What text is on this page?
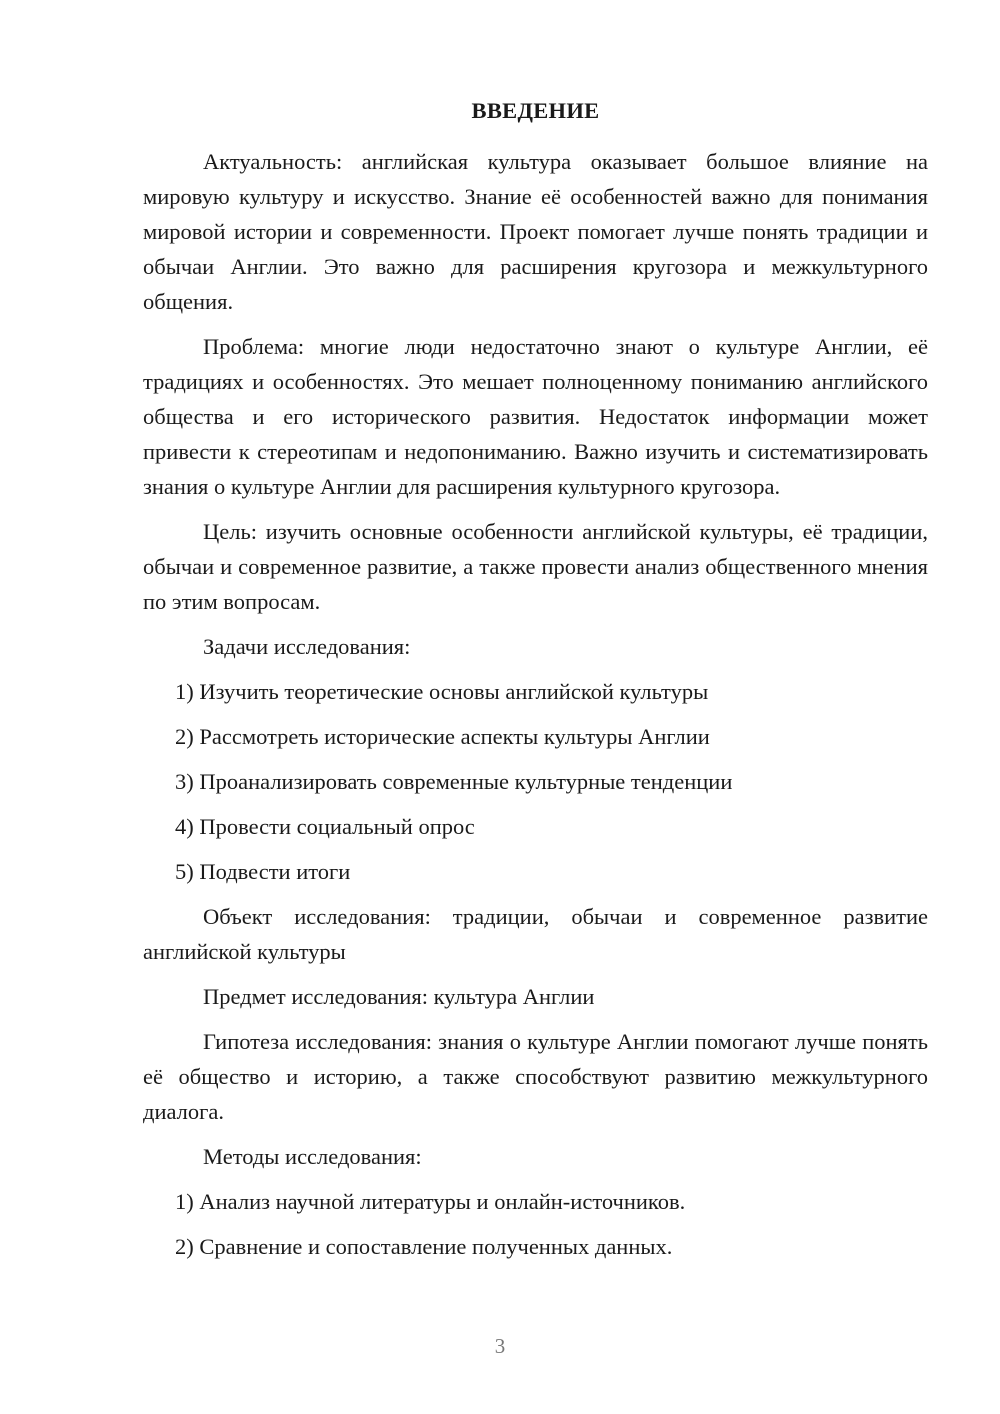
ВВЕДЕНИЕ

Актуальность: английская культура оказывает большое влияние на мировую культуру и искусство. Знание её особенностей важно для понимания мировой истории и современности. Проект помогает лучше понять традиции и обычаи Англии. Это важно для расширения кругозора и межкультурного общения.

Проблема: многие люди недостаточно знают о культуре Англии, её традициях и особенностях. Это мешает полноценному пониманию английского общества и его исторического развития. Недостаток информации может привести к стереотипам и недопониманию. Важно изучить и систематизировать знания о культуре Англии для расширения культурного кругозора.

Цель: изучить основные особенности английской культуры, её традиции, обычаи и современное развитие, а также провести анализ общественного мнения по этим вопросам.

Задачи исследования:

1) Изучить теоретические основы английской культуры

2) Рассмотреть исторические аспекты культуры Англии

3) Проанализировать современные культурные тенденции

4) Провести социальный опрос

5) Подвести итоги

Объект исследования: традиции, обычаи и современное развитие английской культуры

Предмет исследования: культура Англии

Гипотеза исследования: знания о культуре Англии помогают лучше понять её общество и историю, а также способствуют развитию межкультурного диалога.

Методы исследования:

1) Анализ научной литературы и онлайн-источников.

2) Сравнение и сопоставление полученных данных.

3
